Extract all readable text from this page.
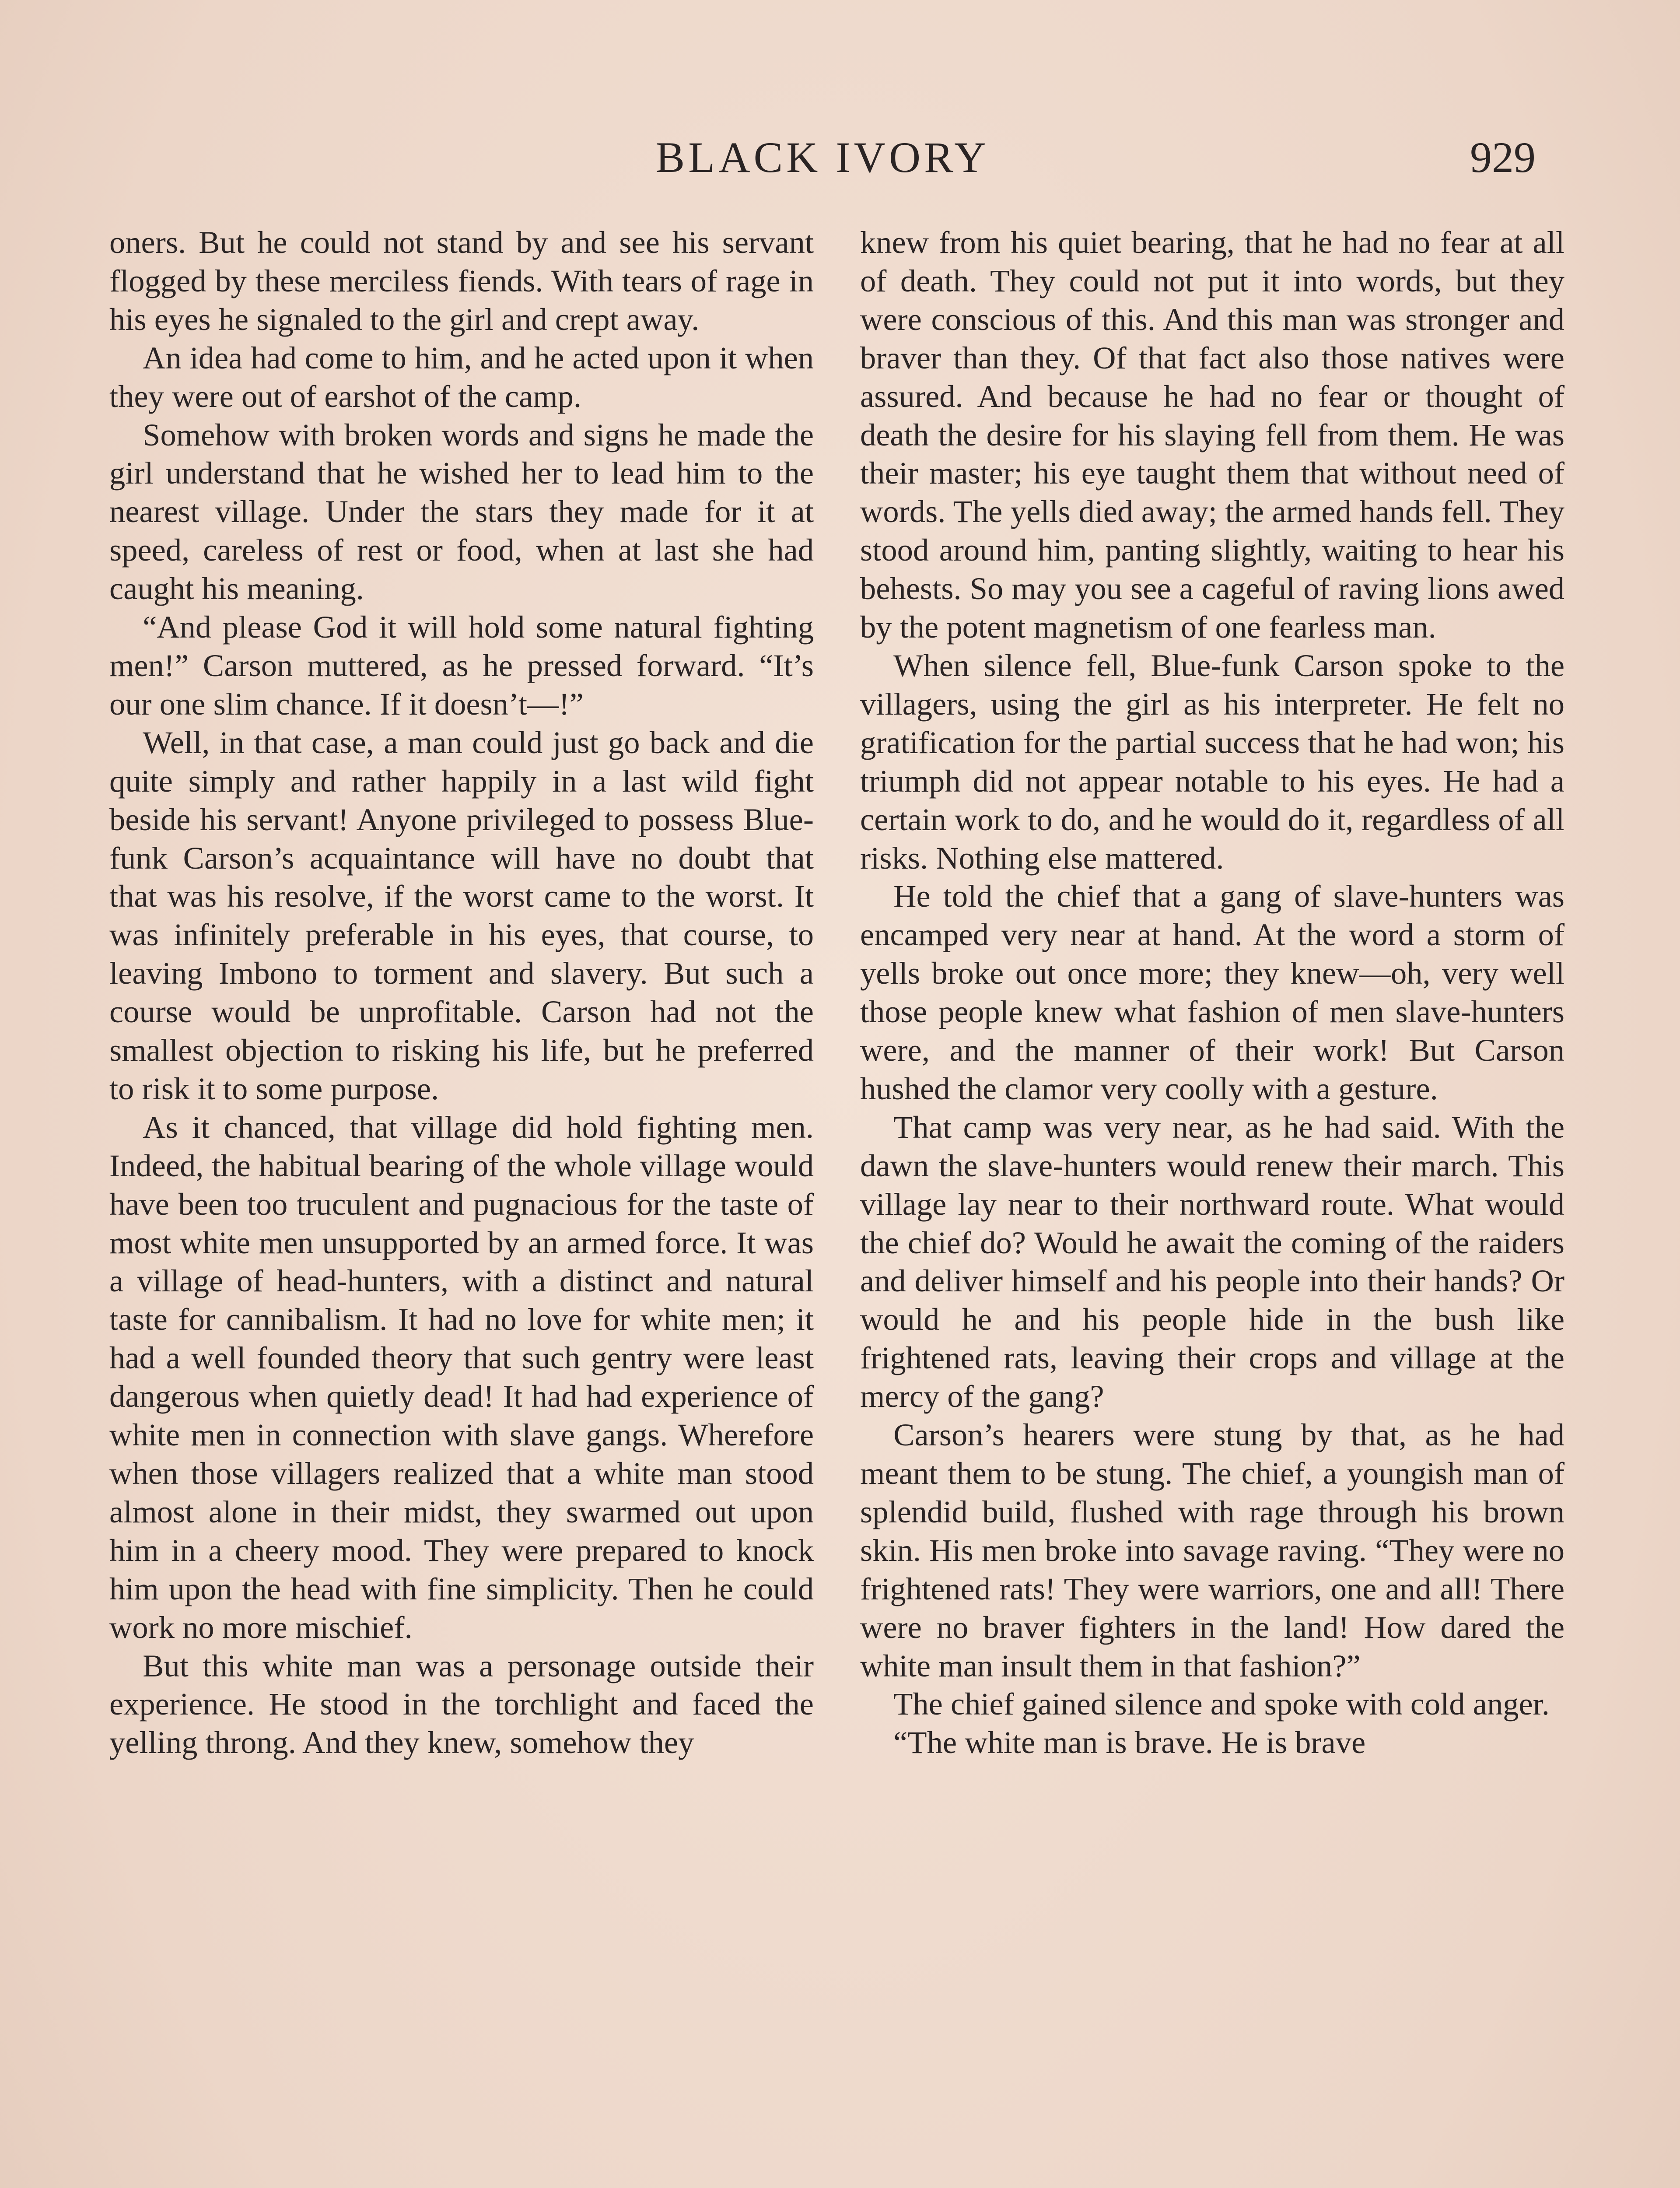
BLACK IVORY	929

oners. But he could not stand by and see his servant flogged by these merciless fiends. With tears of rage in his eyes he signaled to the girl and crept away.

An idea had come to him, and he acted upon it when they were out of earshot of the camp.

Somehow with broken words and signs he made the girl understand that he wished her to lead him to the nearest village. Under the stars they made for it at speed, careless of rest or food, when at last she had caught his meaning.

“And please God it will hold some natural fighting men!” Carson muttered, as he pressed forward. “It’s our one slim chance. If it doesn’t—!”

Well, in that case, a man could just go back and die quite simply and rather happily in a last wild fight beside his servant! Anyone privileged to possess Blue-funk Carson’s acquaintance will have no doubt that that was his resolve, if the worst came to the worst. It was infinitely preferable in his eyes, that course, to leaving Imbono to torment and slavery. But such a course would be unprofitable. Carson had not the smallest objection to risking his life, but he preferred to risk it to some purpose.

As it chanced, that village did hold fighting men. Indeed, the habitual bearing of the whole village would have been too truculent and pugnacious for the taste of most white men unsupported by an armed force. It was a village of head-hunters, with a distinct and natural taste for cannibalism. It had no love for white men; it had a well founded theory that such gentry were least dangerous when quietly dead! It had had experience of white men in connection with slave gangs. Wherefore when those villagers realized that a white man stood almost alone in their midst, they swarmed out upon him in a cheery mood. They were prepared to knock him upon the head with fine simplicity. Then he could work no more mischief.

But this white man was a personage outside their experience. He stood in the torchlight and faced the yelling throng. And they knew, somehow they

knew from his quiet bearing, that he had no fear at all of death. They could not put it into words, but they were conscious of this. And this man was stronger and braver than they. Of that fact also those natives were assured. And because he had no fear or thought of death the desire for his slaying fell from them. He was their master; his eye taught them that without need of words. The yells died away; the armed hands fell. They stood around him, panting slightly, waiting to hear his behests. So may you see a cageful of raving lions awed by the potent magnetism of one fearless man.

When silence fell, Blue-funk Carson spoke to the villagers, using the girl as his interpreter. He felt no gratification for the partial success that he had won; his triumph did not appear notable to his eyes. He had a certain work to do, and he would do it, regardless of all risks. Nothing else mattered.

He told the chief that a gang of slave-hunters was encamped very near at hand. At the word a storm of yells broke out once more; they knew—oh, very well those people knew what fashion of men slave-hunters were, and the manner of their work! But Carson hushed the clamor very coolly with a gesture.

That camp was very near, as he had said. With the dawn the slave-hunters would renew their march. This village lay near to their northward route. What would the chief do? Would he await the coming of the raiders and deliver himself and his people into their hands? Or would he and his people hide in the bush like frightened rats, leaving their crops and village at the mercy of the gang?

Carson’s hearers were stung by that, as he had meant them to be stung. The chief, a youngish man of splendid build, flushed with rage through his brown skin. His men broke into savage raving. “They were no frightened rats! They were warriors, one and all! There were no braver fighters in the land! How dared the white man insult them in that fashion?”

The chief gained silence and spoke with cold anger.

“The white man is brave. He is brave
